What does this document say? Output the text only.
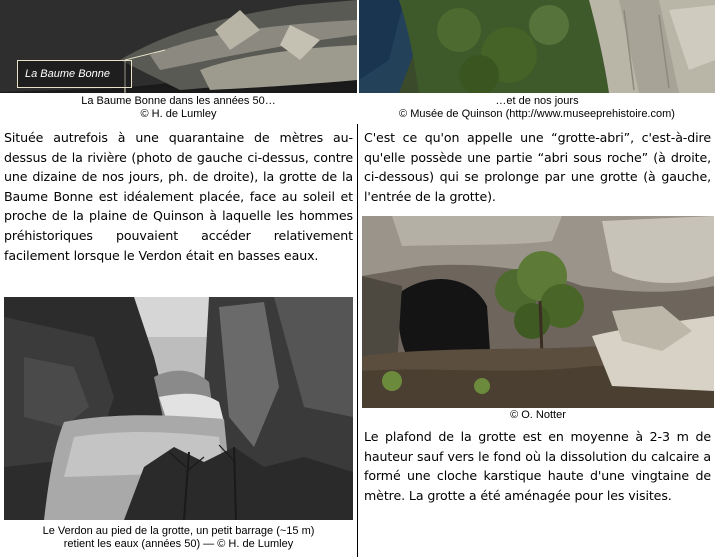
La Baume Bonne
La Baume Bonne dans les années 50…
© H. de Lumley
…et de nos jours
© Musée de Quinson (http://www.museeprehistoire.com)
Située autrefois à une quarantaine de mètres au-dessus de la rivière (photo de gauche ci-dessus, contre une dizaine de nos jours, ph. de droite), la grotte de la Baume Bonne est idéalement placée, face au soleil et proche de la plaine de Quinson à laquelle les hommes préhistoriques pouvaient accéder relativement facilement lorsque le Verdon était en basses eaux.
C'est ce qu'on appelle une “grotte-abri”, c'est-à-dire qu'elle possède une partie “abri sous roche” (à droite, ci-dessous) qui se prolonge par une grotte (à gauche, l'entrée de la grotte).
Le Verdon au pied de la grotte, un petit barrage (~15 m)
retient les eaux (années 50) — © H. de Lumley
© O. Notter
Le plafond de la grotte est en moyenne à 2-3 m de hauteur sauf vers le fond où la dissolution du calcaire a formé une cloche karstique haute d'une vingtaine de mètre. La grotte a été aménagée pour les visites.
